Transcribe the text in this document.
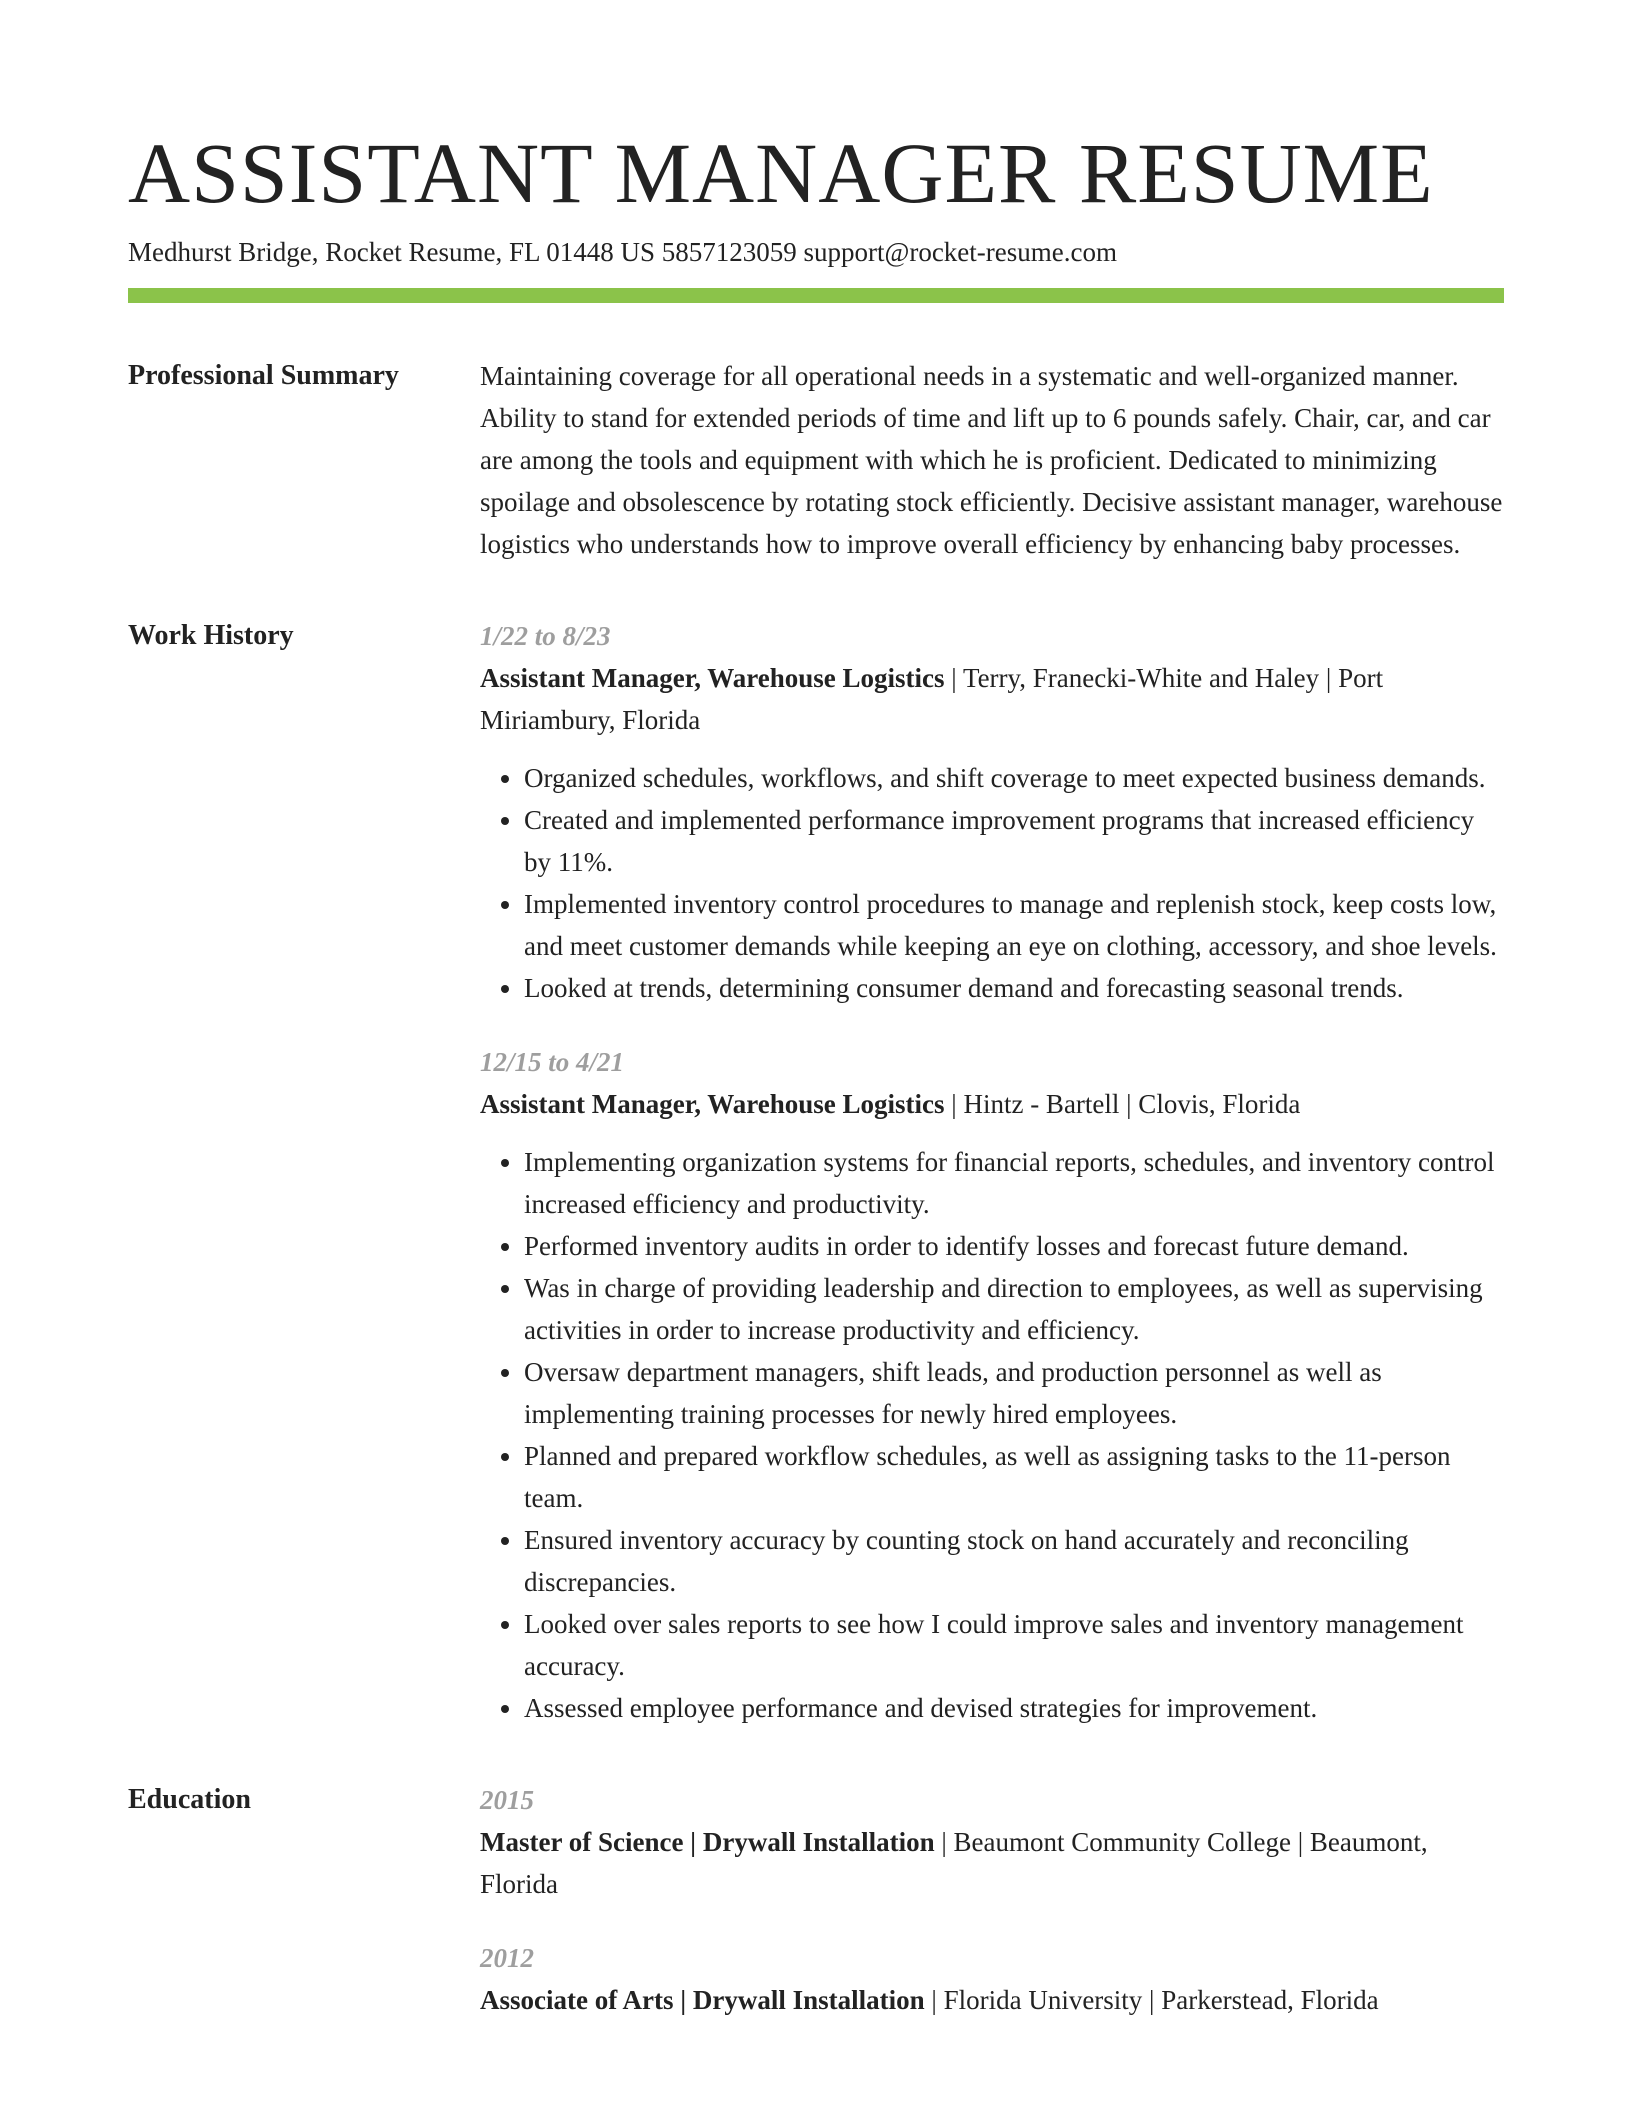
ASSISTANT MANAGER RESUME
Medhurst Bridge, Rocket Resume, FL 01448 US 5857123059 support@rocket-resume.com
Professional Summary	Maintaining coverage for all operational needs in a systematic and well-organized manner. Ability to stand for extended periods of time and lift up to 6 pounds safely. Chair, car, and car are among the tools and equipment with which he is proficient. Dedicated to minimizing spoilage and obsolescence by rotating stock efficiently. Decisive assistant manager, warehouse logistics who understands how to improve overall efficiency by enhancing baby processes.

Work History	1/22 to 8/23
Assistant Manager, Warehouse Logistics | Terry, Franecki-White and Haley | Port Miriambury, Florida
• Organized schedules, workflows, and shift coverage to meet expected business demands.
• Created and implemented performance improvement programs that increased efficiency by 11%.
• Implemented inventory control procedures to manage and replenish stock, keep costs low, and meet customer demands while keeping an eye on clothing, accessory, and shoe levels.
• Looked at trends, determining consumer demand and forecasting seasonal trends.
12/15 to 4/21
Assistant Manager, Warehouse Logistics | Hintz - Bartell | Clovis, Florida
• Implementing organization systems for financial reports, schedules, and inventory control increased efficiency and productivity.
• Performed inventory audits in order to identify losses and forecast future demand.
• Was in charge of providing leadership and direction to employees, as well as supervising activities in order to increase productivity and efficiency.
• Oversaw department managers, shift leads, and production personnel as well as implementing training processes for newly hired employees.
• Planned and prepared workflow schedules, as well as assigning tasks to the 11-person team.
• Ensured inventory accuracy by counting stock on hand accurately and reconciling discrepancies.
• Looked over sales reports to see how I could improve sales and inventory management accuracy.
• Assessed employee performance and devised strategies for improvement.
Education	2015
Master of Science | Drywall Installation | Beaumont Community College | Beaumont, Florida
2012
Associate of Arts | Drywall Installation | Florida University | Parkerstead, Florida
